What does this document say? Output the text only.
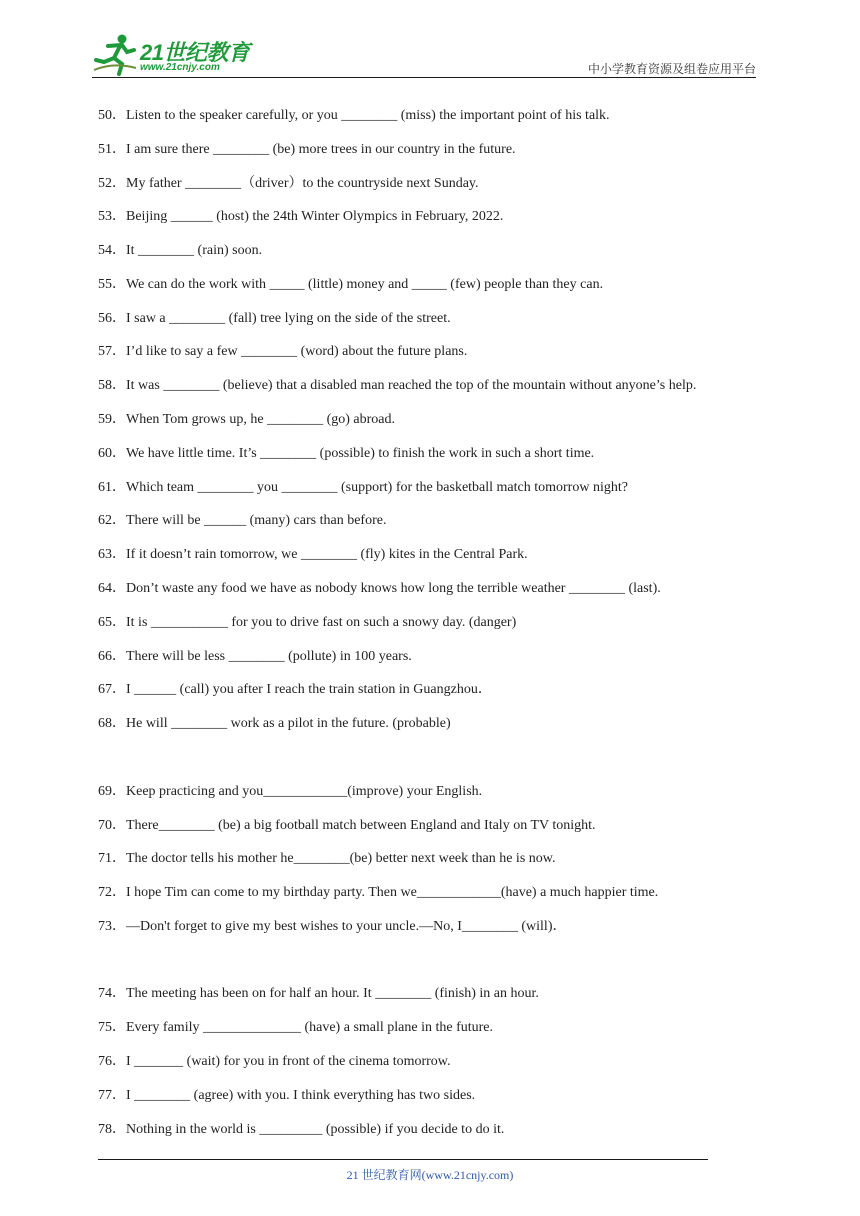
21世纪教育
www.21cnjy.com	中小学教育资源及组卷应用平台
50．Listen to the speaker carefully, or you ________ (miss) the important point of his talk.
51．I am sure there ________ (be) more trees in our country in the future.
52．My father ________（driver）to the countryside next Sunday.
53．Beijing ______ (host) the 24th Winter Olympics in February, 2022.
54．It ________ (rain) soon.
55．We can do the work with _____ (little) money and _____ (few) people than they can.
56．I saw a ________ (fall) tree lying on the side of the street.
57．I’d like to say a few ________ (word) about the future plans.
58．It was ________ (believe) that a disabled man reached the top of the mountain without anyone’s help.
59．When Tom grows up, he ________ (go) abroad.
60．We have little time. It’s ________ (possible) to finish the work in such a short time.
61．Which team ________ you ________ (support) for the basketball match tomorrow night?
62．There will be ______ (many) cars than before.
63．If it doesn’t rain tomorrow, we ________ (fly) kites in the Central Park.
64．Don’t waste any food we have as nobody knows how long the terrible weather ________ (last).
65．It is ___________ for you to drive fast on such a snowy day. (danger)
66．There will be less ________ (pollute) in 100 years.
67．I ______ (call) you after I reach the train station in Guangzhou．
68．He will ________ work as a pilot in the future. (probable)
69．Keep practicing and you____________(improve) your English.
70．There________ (be) a big football match between England and Italy on TV tonight.
71．The doctor tells his mother he________(be) better next week than he is now.
72．I hope Tim can come to my birthday party. Then we____________(have) a much happier time.
73．—Don't forget to give my best wishes to your uncle.—No, I________ (will)．
74．The meeting has been on for half an hour. It ________ (finish) in an hour.
75．Every family ______________ (have) a small plane in the future.
76．I _______ (wait) for you in front of the cinema tomorrow.
77．I ________ (agree) with you. I think everything has two sides.
78．Nothing in the world is _________ (possible) if you decide to do it.
21 世纪教育网(www.21cnjy.com)
